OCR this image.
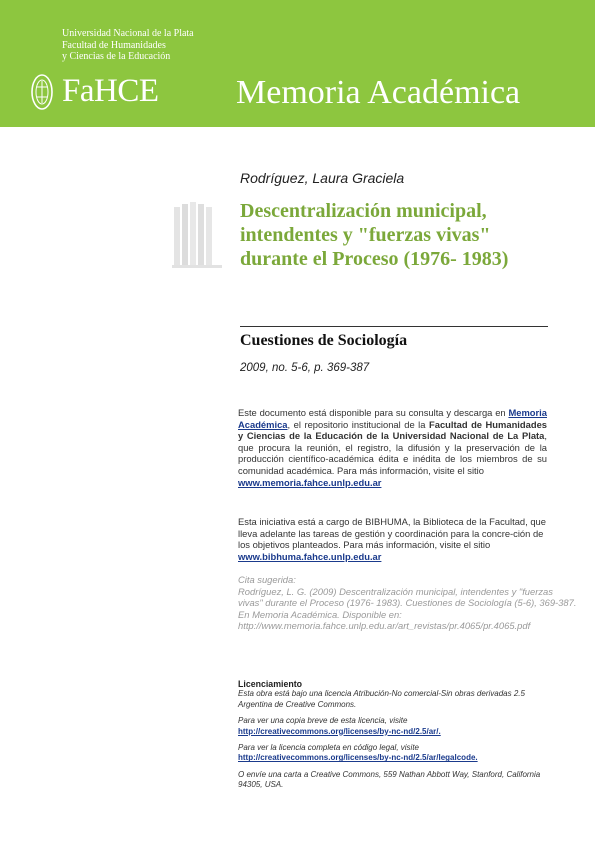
Universidad Nacional de la Plata
Facultad de Humanidades
y Ciencias de la Educación
FaHCE Memoria Académica
Rodríguez, Laura Graciela
Descentralización municipal, intendentes y "fuerzas vivas" durante el Proceso (1976- 1983)
Cuestiones de Sociología
2009, no. 5-6, p. 369-387
Este documento está disponible para su consulta y descarga en Memoria Académica, el repositorio institucional de la Facultad de Humanidades y Ciencias de la Educación de la Universidad Nacional de La Plata, que procura la reunión, el registro, la difusión y la preservación de la producción científico-académica édita e inédita de los miembros de su comunidad académica. Para más información, visite el sitio
www.memoria.fahce.unlp.edu.ar
Esta iniciativa está a cargo de BIBHUMA, la Biblioteca de la Facultad, que lleva adelante las tareas de gestión y coordinación para la concre-ción de los objetivos planteados. Para más información, visite el sitio
www.bibhuma.fahce.unlp.edu.ar
Cita sugerida:
Rodríguez, L. G. (2009) Descentralización municipal, intendentes y "fuerzas vivas" durante el Proceso (1976- 1983). Cuestiones de Sociología (5-6), 369-387. En Memoria Académica. Disponible en:
http://www.memoria.fahce.unlp.edu.ar/art_revistas/pr.4065/pr.4065.pdf
Licenciamiento
Esta obra está bajo una licencia Atribución-No comercial-Sin obras derivadas 2.5 Argentina de Creative Commons.
Para ver una copia breve de esta licencia, visite
http://creativecommons.org/licenses/by-nc-nd/2.5/ar/.
Para ver la licencia completa en código legal, visite
http://creativecommons.org/licenses/by-nc-nd/2.5/ar/legalcode.
O envíe una carta a Creative Commons, 559 Nathan Abbott Way, Stanford, California 94305, USA.
